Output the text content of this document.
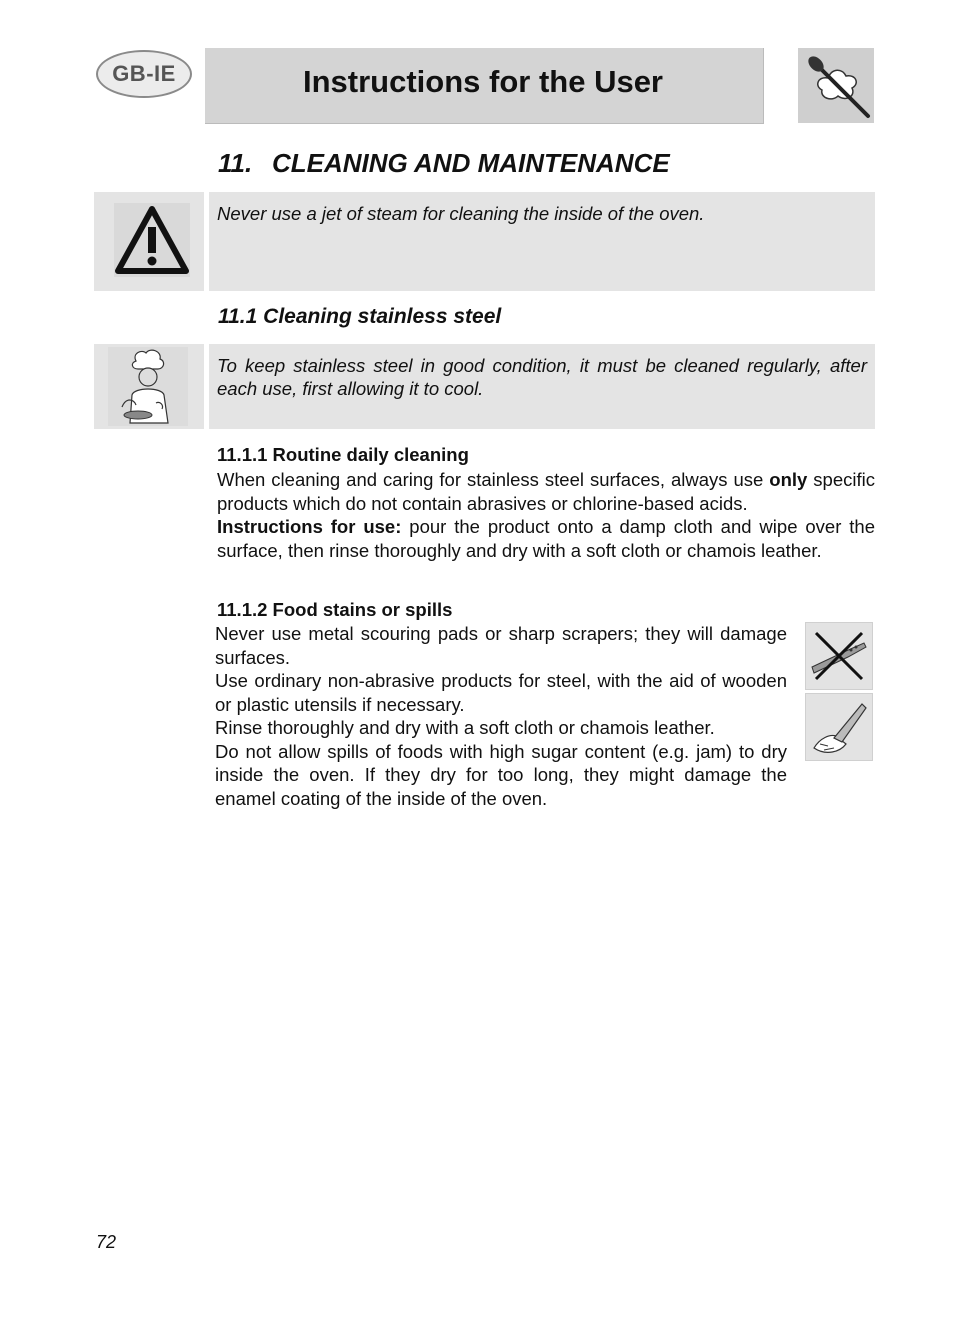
GB-IE	Instructions for the User
11. CLEANING AND MAINTENANCE
Never use a jet of steam for cleaning the inside of the oven.
11.1 Cleaning stainless steel
To keep stainless steel in good condition, it must be cleaned regularly, after each use, first allowing it to cool.
11.1.1 Routine daily cleaning

When cleaning and caring for stainless steel surfaces, always use only specific products which do not contain abrasives or chlorine-based acids.

Instructions for use: pour the product onto a damp cloth and wipe over the surface, then rinse thoroughly and dry with a soft cloth or chamois leather.

11.1.2 Food stains or spills

Never use metal scouring pads or sharp scrapers; they will damage surfaces.

Use ordinary non-abrasive products for steel, with the aid of wooden or plastic utensils if necessary.

Rinse thoroughly and dry with a soft cloth or chamois leather.

Do not allow spills of foods with high sugar content (e.g. jam) to dry inside the oven. If they dry for too long, they might damage the enamel coating of the inside of the oven.

72
